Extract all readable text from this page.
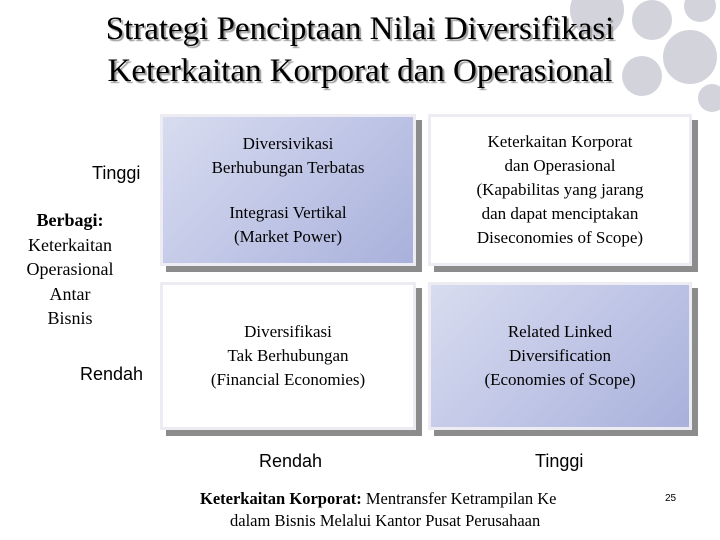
Strategi Penciptaan Nilai Diversifikasi
Keterkaitan Korporat dan Operasional
Tinggi
Berbagi:
Keterkaitan
Operasional
Antar
Bisnis
Rendah

Diversivikasi

Berhubungan Terbatas

Integrasi Vertikal

(Market Power)

Keterkaitan Korporat

dan Operasional

(Kapabilitas yang jarang

dan dapat menciptakan

Diseconomies of Scope)

Diversifikasi

Tak Berhubungan

(Financial Economies)

Related Linked

Diversification

(Economies of Scope)

Rendah	Tinggi
Keterkaitan Korporat: Mentransfer Ketrampilan Ke
dalam Bisnis Melalui Kantor Pusat Perusahaan
25
